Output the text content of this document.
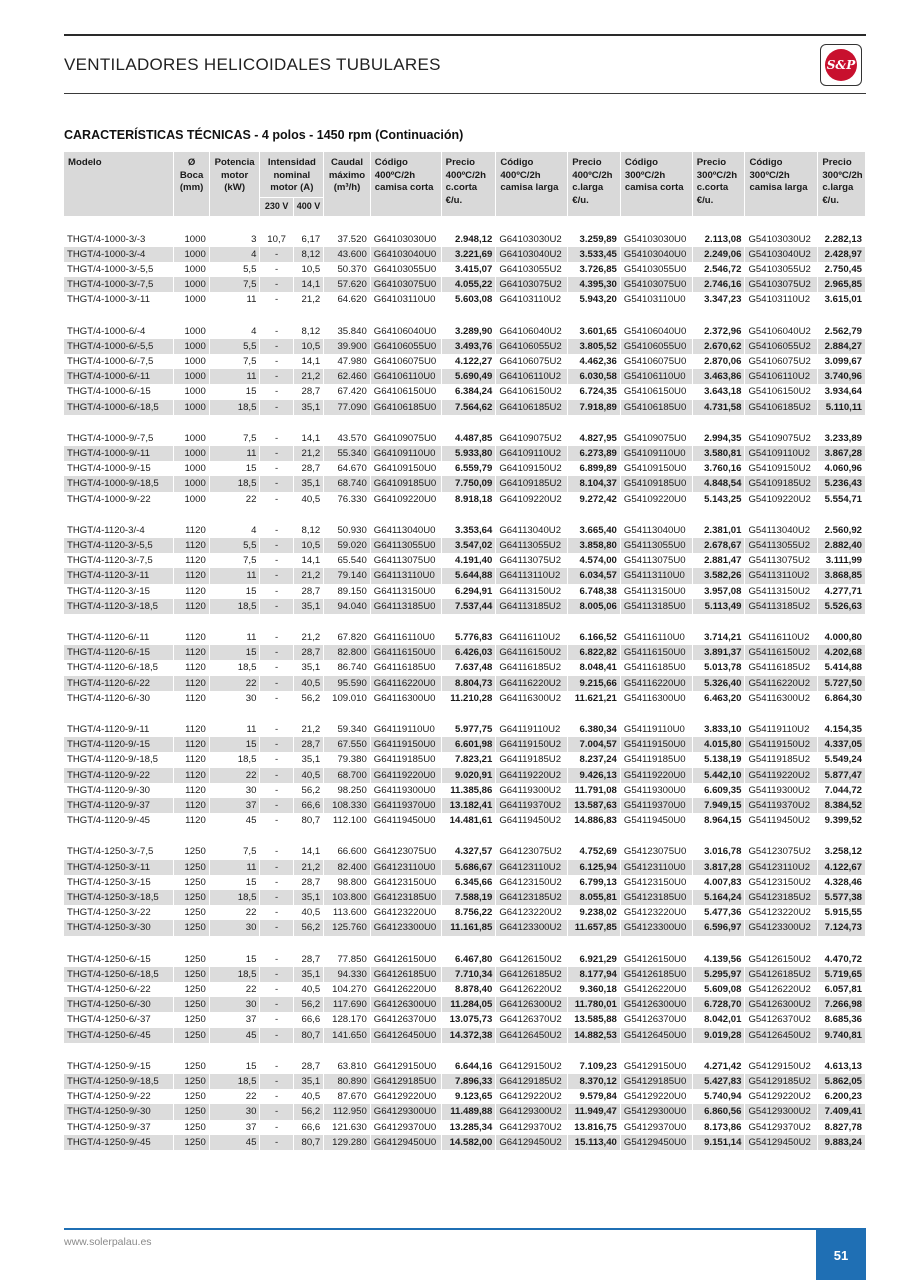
VENTILADORES HELICOIDALES TUBULARES	S&P
CARACTERÍSTICAS TÉCNICAS - 4 polos - 1450 rpm (Continuación)
Modelo	Ø Boca (mm)	Potencia motor (kW)	Intensidad nominal motor (A)		Caudal máximo (m³/h)	Código 400ºC/2h camisa corta	Precio 400ºC/2h c.corta €/u.	Código 400ºC/2h camisa larga	Precio 400ºC/2h c.larga €/u.	Código 300ºC/2h camisa corta	Precio 300ºC/2h c.corta €/u.	Código 300ºC/2h camisa larga	Precio 300ºC/2h c.larga €/u.
			230 V	400 V									

THGT/4-1000-3/-3	1000	3	10,7	6,17	37.520	G64103030U0	2.948,12	G64103030U2	3.259,89	G54103030U0	2.113,08	G54103030U2	2.282,13
THGT/4-1000-3/-4	1000	4	-	8,12	43.600	G64103040U0	3.221,69	G64103040U2	3.533,45	G54103040U0	2.249,06	G54103040U2	2.428,97
THGT/4-1000-3/-5,5	1000	5,5	-	10,5	50.370	G64103055U0	3.415,07	G64103055U2	3.726,85	G54103055U0	2.546,72	G54103055U2	2.750,45
THGT/4-1000-3/-7,5	1000	7,5	-	14,1	57.620	G64103075U0	4.055,22	G64103075U2	4.395,30	G54103075U0	2.746,16	G54103075U2	2.965,85
THGT/4-1000-3/-11	1000	11	-	21,2	64.620	G64103110U0	5.603,08	G64103110U2	5.943,20	G54103110U0	3.347,23	G54103110U2	3.615,01

THGT/4-1000-6/-4	1000	4	-	8,12	35.840	G64106040U0	3.289,90	G64106040U2	3.601,65	G54106040U0	2.372,96	G54106040U2	2.562,79
THGT/4-1000-6/-5,5	1000	5,5	-	10,5	39.900	G64106055U0	3.493,76	G64106055U2	3.805,52	G54106055U0	2.670,62	G54106055U2	2.884,27
THGT/4-1000-6/-7,5	1000	7,5	-	14,1	47.980	G64106075U0	4.122,27	G64106075U2	4.462,36	G54106075U0	2.870,06	G54106075U2	3.099,67
THGT/4-1000-6/-11	1000	11	-	21,2	62.460	G64106110U0	5.690,49	G64106110U2	6.030,58	G54106110U0	3.463,86	G54106110U2	3.740,96
THGT/4-1000-6/-15	1000	15	-	28,7	67.420	G64106150U0	6.384,24	G64106150U2	6.724,35	G54106150U0	3.643,18	G54106150U2	3.934,64
THGT/4-1000-6/-18,5	1000	18,5	-	35,1	77.090	G64106185U0	7.564,62	G64106185U2	7.918,89	G54106185U0	4.731,58	G54106185U2	5.110,11

THGT/4-1000-9/-7,5	1000	7,5	-	14,1	43.570	G64109075U0	4.487,85	G64109075U2	4.827,95	G54109075U0	2.994,35	G54109075U2	3.233,89
THGT/4-1000-9/-11	1000	11	-	21,2	55.340	G64109110U0	5.933,80	G64109110U2	6.273,89	G54109110U0	3.580,81	G54109110U2	3.867,28
THGT/4-1000-9/-15	1000	15	-	28,7	64.670	G64109150U0	6.559,79	G64109150U2	6.899,89	G54109150U0	3.760,16	G54109150U2	4.060,96
THGT/4-1000-9/-18,5	1000	18,5	-	35,1	68.740	G64109185U0	7.750,09	G64109185U2	8.104,37	G54109185U0	4.848,54	G54109185U2	5.236,43
THGT/4-1000-9/-22	1000	22	-	40,5	76.330	G64109220U0	8.918,18	G64109220U2	9.272,42	G54109220U0	5.143,25	G54109220U2	5.554,71

THGT/4-1120-3/-4	1120	4	-	8,12	50.930	G64113040U0	3.353,64	G64113040U2	3.665,40	G54113040U0	2.381,01	G54113040U2	2.560,92
THGT/4-1120-3/-5,5	1120	5,5	-	10,5	59.020	G64113055U0	3.547,02	G64113055U2	3.858,80	G54113055U0	2.678,67	G54113055U2	2.882,40
THGT/4-1120-3/-7,5	1120	7,5	-	14,1	65.540	G64113075U0	4.191,40	G64113075U2	4.574,00	G54113075U0	2.881,47	G54113075U2	3.111,99
THGT/4-1120-3/-11	1120	11	-	21,2	79.140	G64113110U0	5.644,88	G64113110U2	6.034,57	G54113110U0	3.582,26	G54113110U2	3.868,85
THGT/4-1120-3/-15	1120	15	-	28,7	89.150	G64113150U0	6.294,91	G64113150U2	6.748,38	G54113150U0	3.957,08	G54113150U2	4.277,71
THGT/4-1120-3/-18,5	1120	18,5	-	35,1	94.040	G64113185U0	7.537,44	G64113185U2	8.005,06	G54113185U0	5.113,49	G54113185U2	5.526,63

THGT/4-1120-6/-11	1120	11	-	21,2	67.820	G64116110U0	5.776,83	G64116110U2	6.166,52	G54116110U0	3.714,21	G54116110U2	4.000,80
THGT/4-1120-6/-15	1120	15	-	28,7	82.800	G64116150U0	6.426,03	G64116150U2	6.822,82	G54116150U0	3.891,37	G54116150U2	4.202,68
THGT/4-1120-6/-18,5	1120	18,5	-	35,1	86.740	G64116185U0	7.637,48	G64116185U2	8.048,41	G54116185U0	5.013,78	G54116185U2	5.414,88
THGT/4-1120-6/-22	1120	22	-	40,5	95.590	G64116220U0	8.804,73	G64116220U2	9.215,66	G54116220U0	5.326,40	G54116220U2	5.727,50
THGT/4-1120-6/-30	1120	30	-	56,2	109.010	G64116300U0	11.210,28	G64116300U2	11.621,21	G54116300U0	6.463,20	G54116300U2	6.864,30

THGT/4-1120-9/-11	1120	11	-	21,2	59.340	G64119110U0	5.977,75	G64119110U2	6.380,34	G54119110U0	3.833,10	G54119110U2	4.154,35
THGT/4-1120-9/-15	1120	15	-	28,7	67.550	G64119150U0	6.601,98	G64119150U2	7.004,57	G54119150U0	4.015,80	G54119150U2	4.337,05
THGT/4-1120-9/-18,5	1120	18,5	-	35,1	79.380	G64119185U0	7.823,21	G64119185U2	8.237,24	G54119185U0	5.138,19	G54119185U2	5.549,24
THGT/4-1120-9/-22	1120	22	-	40,5	68.700	G64119220U0	9.020,91	G64119220U2	9.426,13	G54119220U0	5.442,10	G54119220U2	5.877,47
THGT/4-1120-9/-30	1120	30	-	56,2	98.250	G64119300U0	11.385,86	G64119300U2	11.791,08	G54119300U0	6.609,35	G54119300U2	7.044,72
THGT/4-1120-9/-37	1120	37	-	66,6	108.330	G64119370U0	13.182,41	G64119370U2	13.587,63	G54119370U0	7.949,15	G54119370U2	8.384,52
THGT/4-1120-9/-45	1120	45	-	80,7	112.100	G64119450U0	14.481,61	G64119450U2	14.886,83	G54119450U0	8.964,15	G54119450U2	9.399,52

THGT/4-1250-3/-7,5	1250	7,5	-	14,1	66.600	G64123075U0	4.327,57	G64123075U2	4.752,69	G54123075U0	3.016,78	G54123075U2	3.258,12
THGT/4-1250-3/-11	1250	11	-	21,2	82.400	G64123110U0	5.686,67	G64123110U2	6.125,94	G54123110U0	3.817,28	G54123110U2	4.122,67
THGT/4-1250-3/-15	1250	15	-	28,7	98.800	G64123150U0	6.345,66	G64123150U2	6.799,13	G54123150U0	4.007,83	G54123150U2	4.328,46
THGT/4-1250-3/-18,5	1250	18,5	-	35,1	103.800	G64123185U0	7.588,19	G64123185U2	8.055,81	G54123185U0	5.164,24	G54123185U2	5.577,38
THGT/4-1250-3/-22	1250	22	-	40,5	113.600	G64123220U0	8.756,22	G64123220U2	9.238,02	G54123220U0	5.477,36	G54123220U2	5.915,55
THGT/4-1250-3/-30	1250	30	-	56,2	125.760	G64123300U0	11.161,85	G64123300U2	11.657,85	G54123300U0	6.596,97	G54123300U2	7.124,73

THGT/4-1250-6/-15	1250	15	-	28,7	77.850	G64126150U0	6.467,80	G64126150U2	6.921,29	G54126150U0	4.139,56	G54126150U2	4.470,72
THGT/4-1250-6/-18,5	1250	18,5	-	35,1	94.330	G64126185U0	7.710,34	G64126185U2	8.177,94	G54126185U0	5.295,97	G54126185U2	5.719,65
THGT/4-1250-6/-22	1250	22	-	40,5	104.270	G64126220U0	8.878,40	G64126220U2	9.360,18	G54126220U0	5.609,08	G54126220U2	6.057,81
THGT/4-1250-6/-30	1250	30	-	56,2	117.690	G64126300U0	11.284,05	G64126300U2	11.780,01	G54126300U0	6.728,70	G54126300U2	7.266,98
THGT/4-1250-6/-37	1250	37	-	66,6	128.170	G64126370U0	13.075,73	G64126370U2	13.585,88	G54126370U0	8.042,01	G54126370U2	8.685,36
THGT/4-1250-6/-45	1250	45	-	80,7	141.650	G64126450U0	14.372,38	G64126450U2	14.882,53	G54126450U0	9.019,28	G54126450U2	9.740,81

THGT/4-1250-9/-15	1250	15	-	28,7	63.810	G64129150U0	6.644,16	G64129150U2	7.109,23	G54129150U0	4.271,42	G54129150U2	4.613,13
THGT/4-1250-9/-18,5	1250	18,5	-	35,1	80.890	G64129185U0	7.896,33	G64129185U2	8.370,12	G54129185U0	5.427,83	G54129185U2	5.862,05
THGT/4-1250-9/-22	1250	22	-	40,5	87.670	G64129220U0	9.123,65	G64129220U2	9.579,84	G54129220U0	5.740,94	G54129220U2	6.200,23
THGT/4-1250-9/-30	1250	30	-	56,2	112.950	G64129300U0	11.489,88	G64129300U2	11.949,47	G54129300U0	6.860,56	G54129300U2	7.409,41
THGT/4-1250-9/-37	1250	37	-	66,6	121.630	G64129370U0	13.285,34	G64129370U2	13.816,75	G54129370U0	8.173,86	G54129370U2	8.827,78
THGT/4-1250-9/-45	1250	45	-	80,7	129.280	G64129450U0	14.582,00	G64129450U2	15.113,40	G54129450U0	9.151,14	G54129450U2	9.883,24
www.solerpalau.es
51
